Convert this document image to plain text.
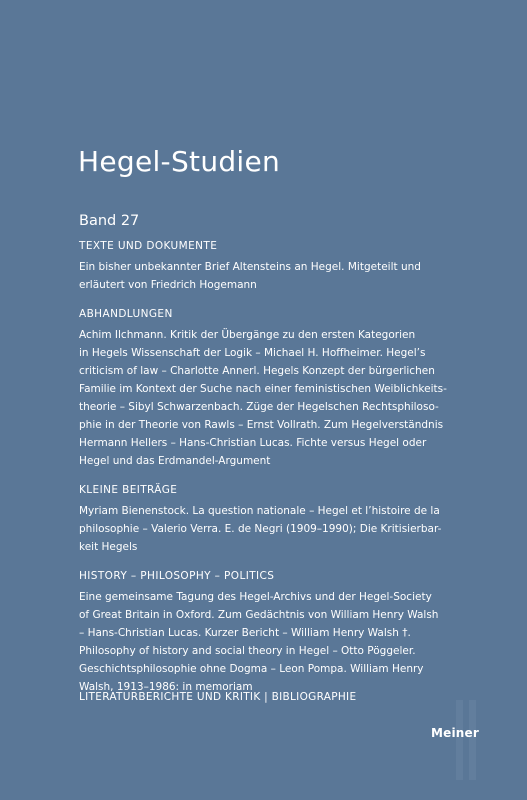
Hegel-Studien
Band 27
TEXTE UND DOKUMENTE
Ein bisher unbekannter Brief Altensteins an Hegel. Mitgeteilt und
erläutert von Friedrich Hogemann
ABHANDLUNGEN
Achim Ilchmann. Kritik der Übergänge zu den ersten Kategorien
in Hegels Wissenschaft der Logik – Michael H. Hoffheimer. Hegel’s
criticism of law – Charlotte Annerl. Hegels Konzept der bürgerlichen
Familie im Kontext der Suche nach einer feministischen Weiblichkeits-
theorie – Sibyl Schwarzenbach. Züge der Hegelschen Rechtsphiloso-
phie in der Theorie von Rawls – Ernst Vollrath. Zum Hegelverständnis
Hermann Hellers – Hans-Christian Lucas. Fichte versus Hegel oder
Hegel und das Erdmandel-Argument
KLEINE BEITRÄGE
Myriam Bienenstock. La question nationale – Hegel et l’histoire de la
philosophie – Valerio Verra. E. de Negri (1909–1990); Die Kritisierbar-
keit Hegels
HISTORY – PHILOSOPHY – POLITICS
Eine gemeinsame Tagung des Hegel-Archivs und der Hegel-Society
of Great Britain in Oxford. Zum Gedächtnis von William Henry Walsh
– Hans-Christian Lucas. Kurzer Bericht – William Henry Walsh †.
Philosophy of history and social theory in Hegel – Otto Pöggeler.
Geschichtsphilosophie ohne Dogma – Leon Pompa. William Henry
Walsh, 1913–1986: in memoriam
LITERATURBERICHTE UND KRITIK | BIBLIOGRAPHIE
Meiner
